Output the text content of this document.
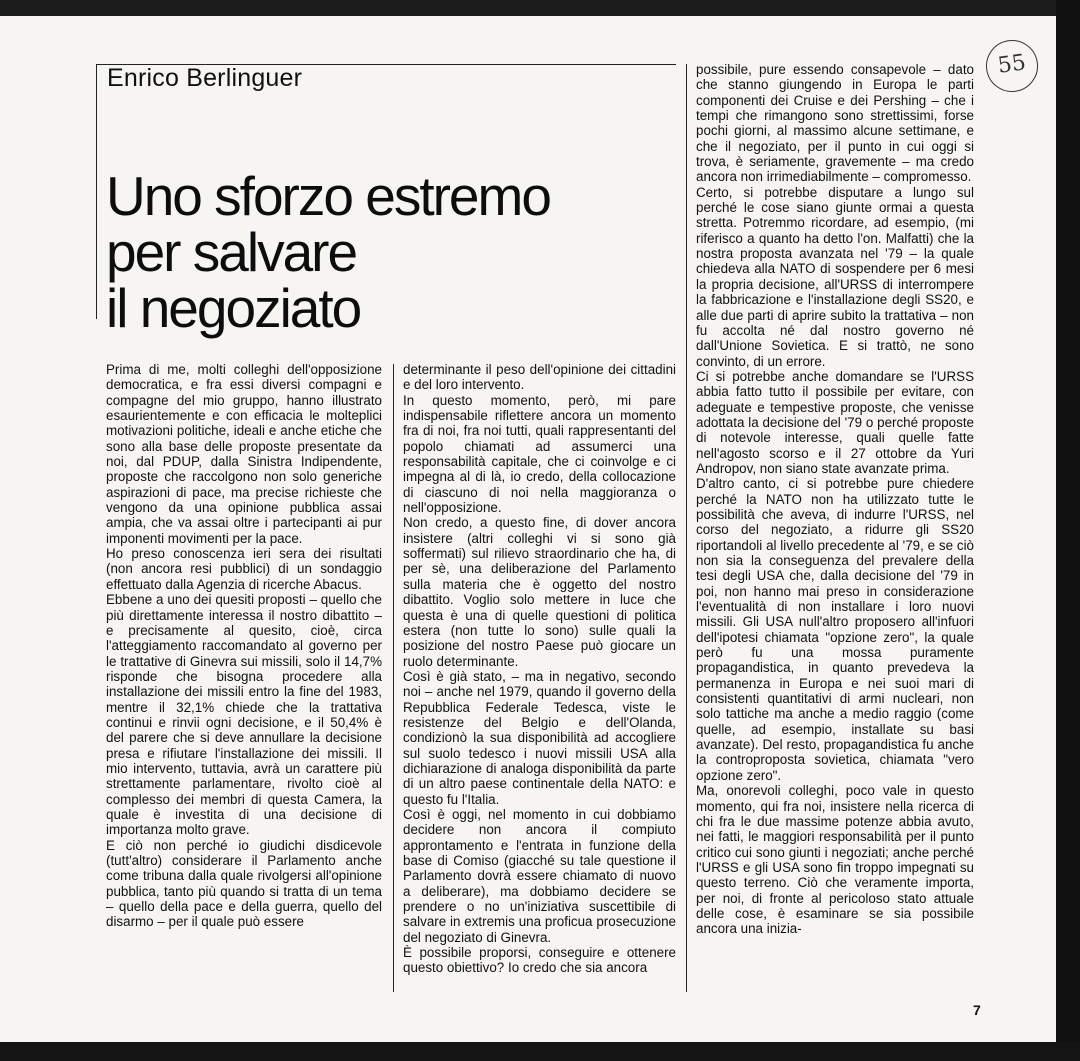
Enrico Berlinguer
Uno sforzo estremo
per salvare
il negoziato

Prima di me, molti colleghi dell'opposizione democratica, e fra essi diversi compagni e compagne del mio gruppo, hanno illustrato esaurientemente e con efficacia le molteplici motivazioni politiche, ideali e anche etiche che sono alla base delle proposte presentate da noi, dal PDUP, dalla Sinistra Indipendente, proposte che raccolgono non solo generiche aspirazioni di pace, ma precise richieste che vengono da una opinione pubblica assai ampia, che va assai oltre i partecipanti ai pur imponenti movimenti per la pace.

Ho preso conoscenza ieri sera dei risultati (non ancora resi pubblici) di un sondaggio effettuato dalla Agenzia di ricerche Abacus.

Ebbene a uno dei quesiti proposti – quello che più direttamente interessa il nostro dibattito – e precisamente al quesito, cioè, circa l'atteggiamento raccomandato al governo per le trattative di Ginevra sui missili, solo il 14,7% risponde che bisogna procedere alla installazione dei missili entro la fine del 1983, mentre il 32,1% chiede che la trattativa continui e rinvii ogni decisione, e il 50,4% è del parere che si deve annullare la decisione presa e rifiutare l'installazione dei missili. Il mio intervento, tuttavia, avrà un carattere più strettamente parlamentare, rivolto cioè al complesso dei membri di questa Camera, la quale è investita di una decisione di importanza molto grave.

E ciò non perché io giudichi disdicevole (tutt'altro) considerare il Parlamento anche come tribuna dalla quale rivolgersi all'opinione pubblica, tanto più quando si tratta di un tema – quello della pace e della guerra, quello del disarmo – per il quale può essere

determinante il peso dell'opinione dei cittadini e del loro intervento.

In questo momento, però, mi pare indispensabile riflettere ancora un momento fra di noi, fra noi tutti, quali rappresentanti del popolo chiamati ad assumerci una responsabilità capitale, che ci coinvolge e ci impegna al di là, io credo, della collocazione di ciascuno di noi nella maggioranza o nell'opposizione.

Non credo, a questo fine, di dover ancora insistere (altri colleghi vi si sono già soffermati) sul rilievo straordinario che ha, di per sè, una deliberazione del Parlamento sulla materia che è oggetto del nostro dibattito. Voglio solo mettere in luce che questa è una di quelle questioni di politica estera (non tutte lo sono) sulle quali la posizione del nostro Paese può giocare un ruolo determinante.

Così è già stato, – ma in negativo, secondo noi – anche nel 1979, quando il governo della Repubblica Federale Tedesca, viste le resistenze del Belgio e dell'Olanda, condizionò la sua disponibilità ad accogliere sul suolo tedesco i nuovi missili USA alla dichiarazione di analoga disponibilità da parte di un altro paese continentale della NATO: e questo fu l'Italia.

Così è oggi, nel momento in cui dobbiamo decidere non ancora il compiuto approntamento e l'entrata in funzione della base di Comiso (giacché su tale questione il Parlamento dovrà essere chiamato di nuovo a deliberare), ma dobbiamo decidere se prendere o no un'iniziativa suscettibile di salvare in extremis una proficua prosecuzione del negoziato di Ginevra.

È possibile proporsi, conseguire e ottenere questo obiettivo? Io credo che sia ancora

possibile, pure essendo consapevole – dato che stanno giungendo in Europa le parti componenti dei Cruise e dei Pershing – che i tempi che rimangono sono strettissimi, forse pochi giorni, al massimo alcune settimane, e che il negoziato, per il punto in cui oggi si trova, è seriamente, gravemente – ma credo ancora non irrimediabilmente – compromesso.

Certo, si potrebbe disputare a lungo sul perché le cose siano giunte ormai a questa stretta. Potremmo ricordare, ad esempio, (mi riferisco a quanto ha detto l'on. Malfatti) che la nostra proposta avanzata nel '79 – la quale chiedeva alla NATO di sospendere per 6 mesi la propria decisione, all'URSS di interrompere la fabbricazione e l'installazione degli SS20, e alle due parti di aprire subito la trattativa – non fu accolta né dal nostro governo né dall'Unione Sovietica. E si trattò, ne sono convinto, di un errore.

Ci si potrebbe anche domandare se l'URSS abbia fatto tutto il possibile per evitare, con adeguate e tempestive proposte, che venisse adottata la decisione del '79 o perché proposte di notevole interesse, quali quelle fatte nell'agosto scorso e il 27 ottobre da Yuri Andropov, non siano state avanzate prima.

D'altro canto, ci si potrebbe pure chiedere perché la NATO non ha utilizzato tutte le possibilità che aveva, di indurre l'URSS, nel corso del negoziato, a ridurre gli SS20 riportandoli al livello precedente al '79, e se ciò non sia la conseguenza del prevalere della tesi degli USA che, dalla decisione del '79 in poi, non hanno mai preso in considerazione l'eventualità di non installare i loro nuovi missili. Gli USA null'altro proposero all'infuori dell'ipotesi chiamata "opzione zero", la quale però fu una mossa puramente propagandistica, in quanto prevedeva la permanenza in Europa e nei suoi mari di consistenti quantitativi di armi nucleari, non solo tattiche ma anche a medio raggio (come quelle, ad esempio, installate su basi avanzate). Del resto, propagandistica fu anche la controproposta sovietica, chiamata "vero opzione zero".

Ma, onorevoli colleghi, poco vale in questo momento, qui fra noi, insistere nella ricerca di chi fra le due massime potenze abbia avuto, nei fatti, le maggiori responsabilità per il punto critico cui sono giunti i negoziati; anche perché l'URSS e gli USA sono fin troppo impegnati su questo terreno. Ciò che veramente importa, per noi, di fronte al pericoloso stato attuale delle cose, è esaminare se sia possibile ancora una inizia-

55
7
